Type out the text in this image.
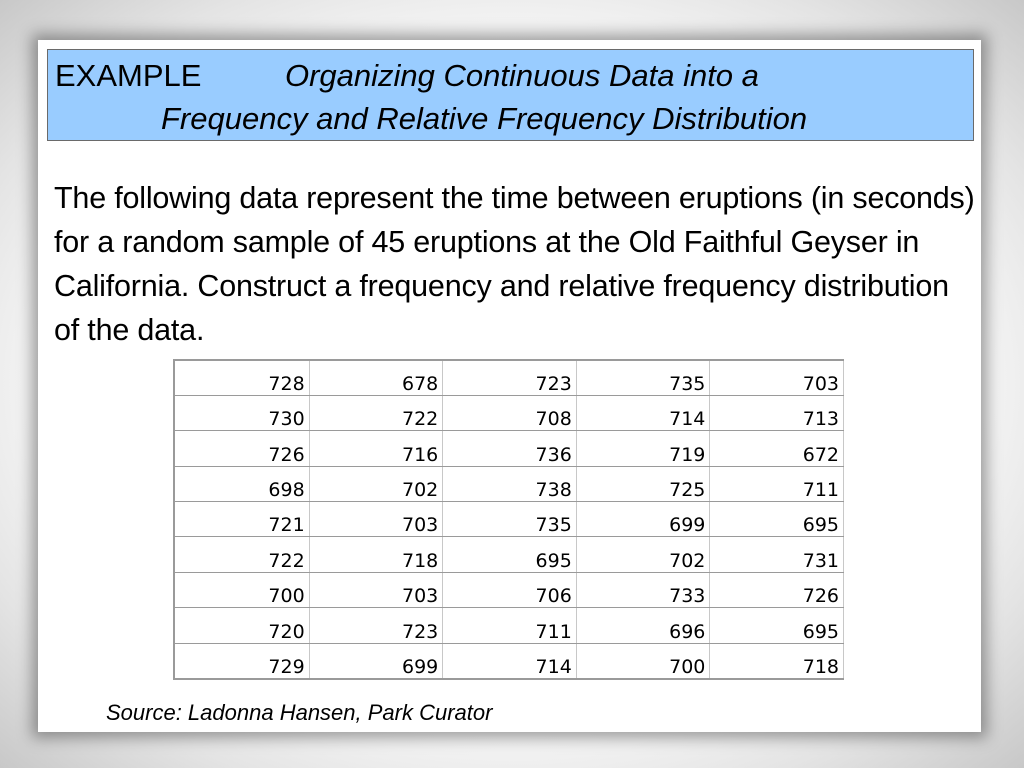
EXAMPLE	Organizing Continuous Data into a
Frequency and Relative Frequency Distribution
The following data represent the time between eruptions (in seconds) for a random sample of 45 eruptions at the Old Faithful Geyser in California. Construct a frequency and relative frequency distribution of the data.
728	678	723	735	703
730	722	708	714	713
726	716	736	719	672
698	702	738	725	711
721	703	735	699	695
722	718	695	702	731
700	703	706	733	726
720	723	711	696	695
729	699	714	700	718
Source: Ladonna Hansen, Park Curator
